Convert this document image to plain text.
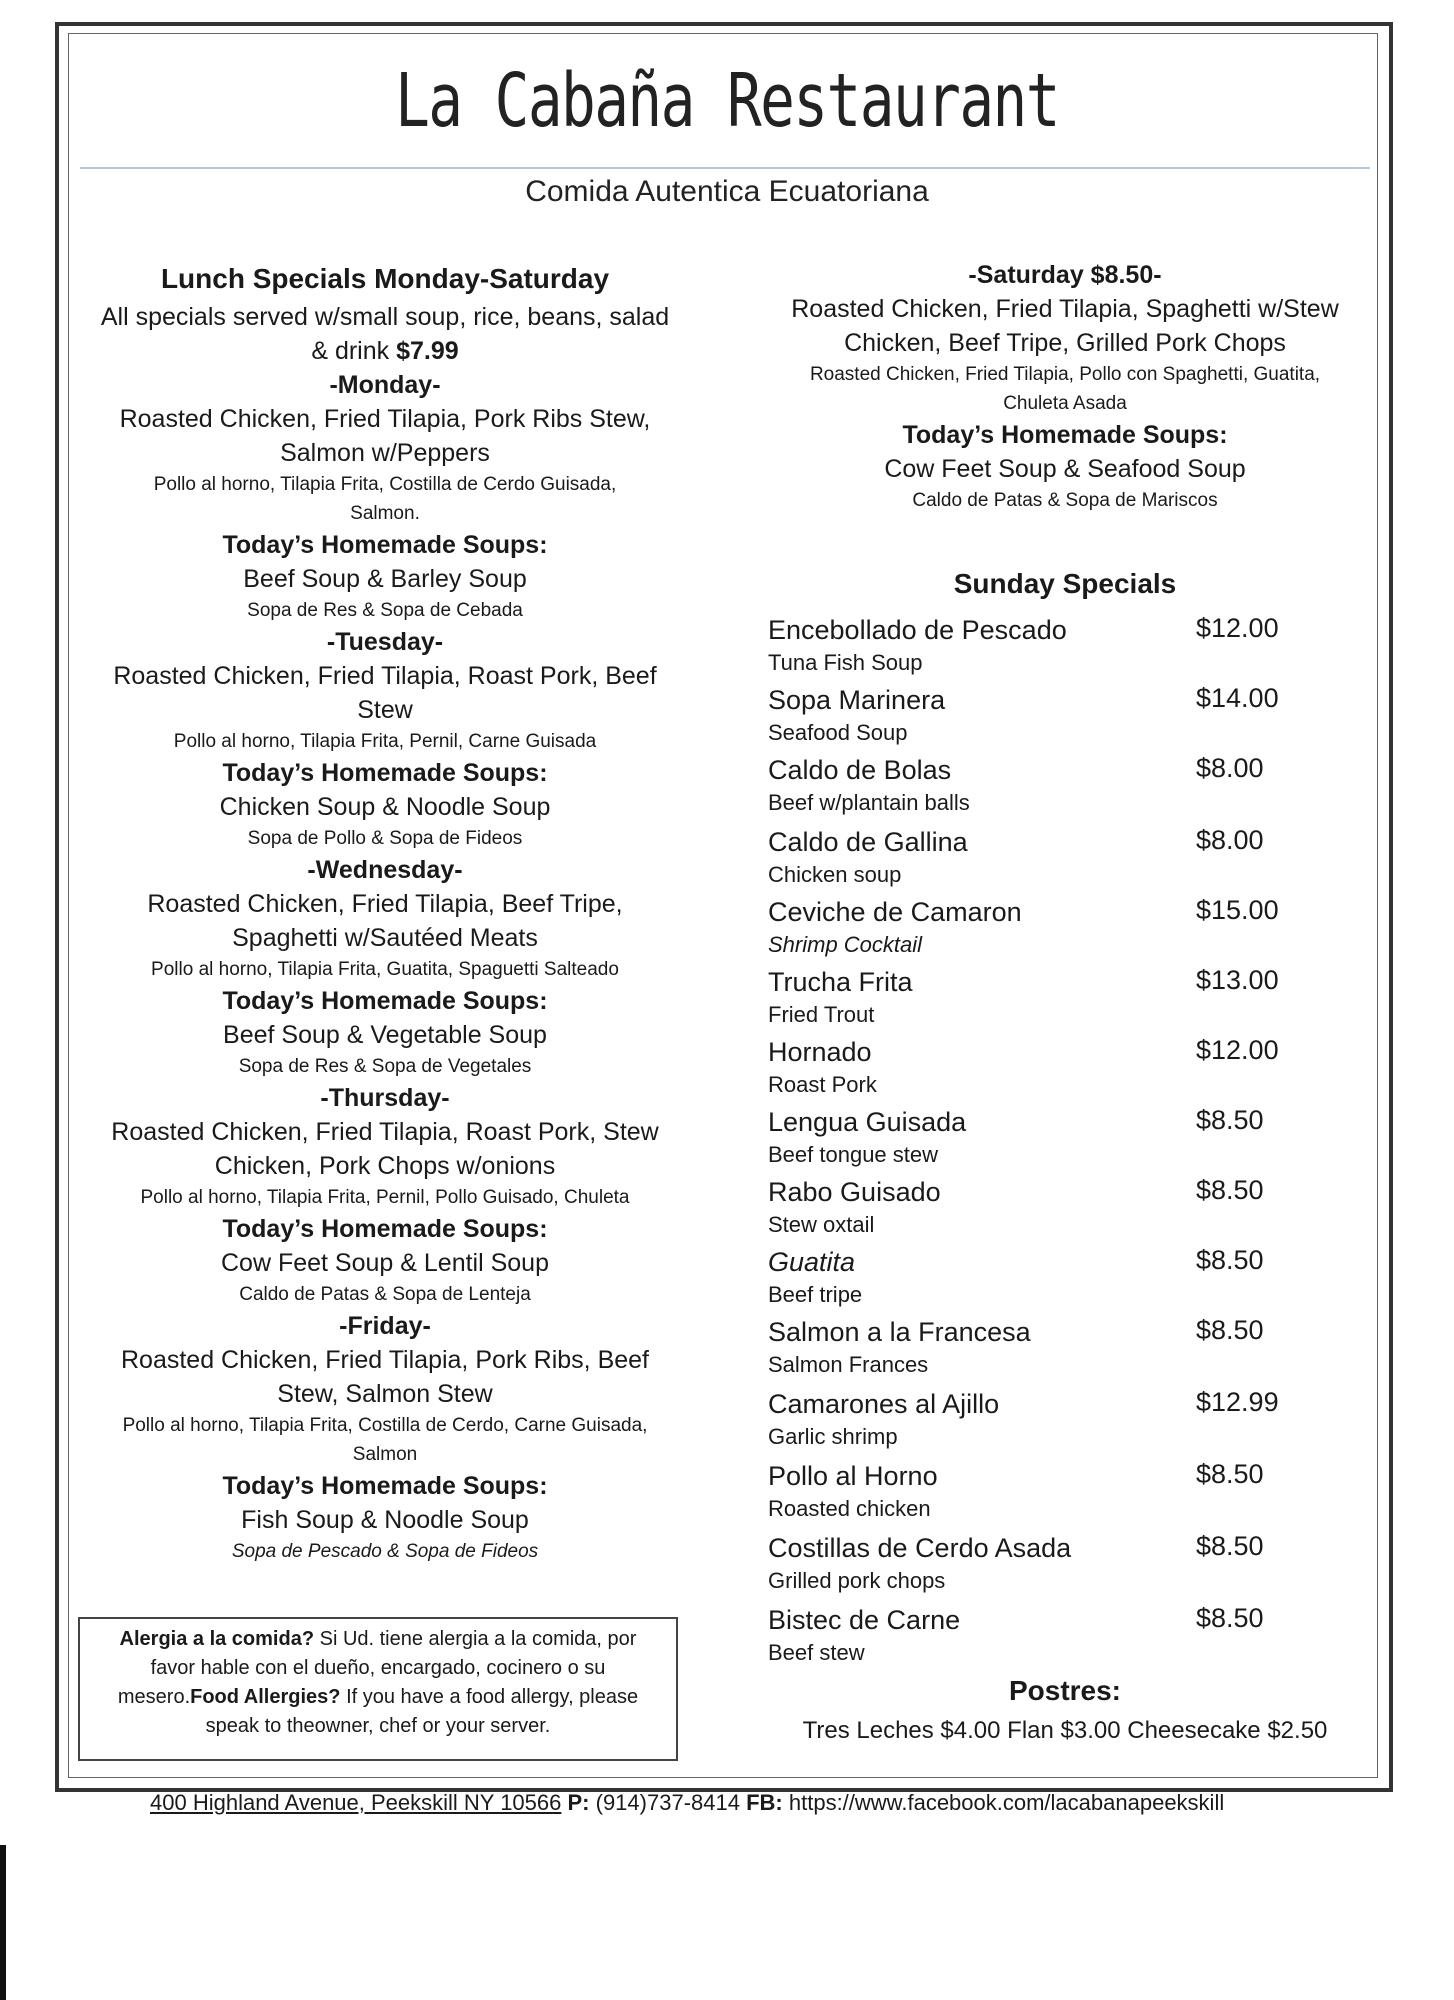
La Cabaña Restaurant
Comida Autentica Ecuatoriana
Lunch Specials Monday-Saturday
All specials served w/small soup, rice, beans, salad
& drink $7.99
-Monday-
Roasted Chicken, Fried Tilapia, Pork Ribs Stew,
Salmon w/Peppers
Pollo al horno, Tilapia Frita, Costilla de Cerdo Guisada,
Salmon.
Today’s Homemade Soups:
Beef Soup & Barley Soup
Sopa de Res & Sopa de Cebada
-Tuesday-
Roasted Chicken, Fried Tilapia, Roast Pork, Beef
Stew
Pollo al horno, Tilapia Frita, Pernil, Carne Guisada
Today’s Homemade Soups:
Chicken Soup & Noodle Soup
Sopa de Pollo & Sopa de Fideos
-Wednesday-
Roasted Chicken, Fried Tilapia, Beef Tripe,
Spaghetti w/Sautéed Meats
Pollo al horno, Tilapia Frita, Guatita, Spaguetti Salteado
Today’s Homemade Soups:
Beef Soup & Vegetable Soup
Sopa de Res & Sopa de Vegetales
-Thursday-
Roasted Chicken, Fried Tilapia, Roast Pork, Stew
Chicken, Pork Chops w/onions
Pollo al horno, Tilapia Frita, Pernil, Pollo Guisado, Chuleta
Today’s Homemade Soups:
Cow Feet Soup & Lentil Soup
Caldo de Patas & Sopa de Lenteja
-Friday-
Roasted Chicken, Fried Tilapia, Pork Ribs, Beef
Stew, Salmon Stew
Pollo al horno, Tilapia Frita, Costilla de Cerdo, Carne Guisada,
Salmon
Today’s Homemade Soups:
Fish Soup & Noodle Soup
Sopa de Pescado & Sopa de Fideos
Alergia a la comida? Si Ud. tiene alergia a la comida, por favor hable con el dueño, encargado, cocinero o su mesero.Food Allergies? If you have a food allergy, please speak to theowner, chef or your server.
-Saturday $8.50-
Roasted Chicken, Fried Tilapia, Spaghetti w/Stew
Chicken, Beef Tripe, Grilled Pork Chops
Roasted Chicken, Fried Tilapia, Pollo con Spaghetti, Guatita,
Chuleta Asada
Today’s Homemade Soups:
Cow Feet Soup & Seafood Soup
Caldo de Patas & Sopa de Mariscos
Sunday Specials
Encebollado de Pescado	$12.00
Tuna Fish Soup
Sopa Marinera	$14.00
Seafood Soup
Caldo de Bolas	$8.00
Beef w/plantain balls
Caldo de Gallina	$8.00
Chicken soup
Ceviche de Camaron	$15.00
Shrimp Cocktail
Trucha Frita	$13.00
Fried Trout
Hornado	$12.00
Roast Pork
Lengua Guisada	$8.50
Beef tongue stew
Rabo Guisado	$8.50
Stew oxtail
Guatita	$8.50
Beef tripe
Salmon a la Francesa	$8.50
Salmon Frances
Camarones al Ajillo	$12.99
Garlic shrimp
Pollo al Horno	$8.50
Roasted chicken
Costillas de Cerdo Asada	$8.50
Grilled pork chops
Bistec de Carne	$8.50
Beef stew
Postres:
Tres Leches $4.00 Flan $3.00 Cheesecake $2.50
400 Highland Avenue, Peekskill NY 10566 P: (914)737-8414 FB: https://www.facebook.com/lacabanapeekskill
